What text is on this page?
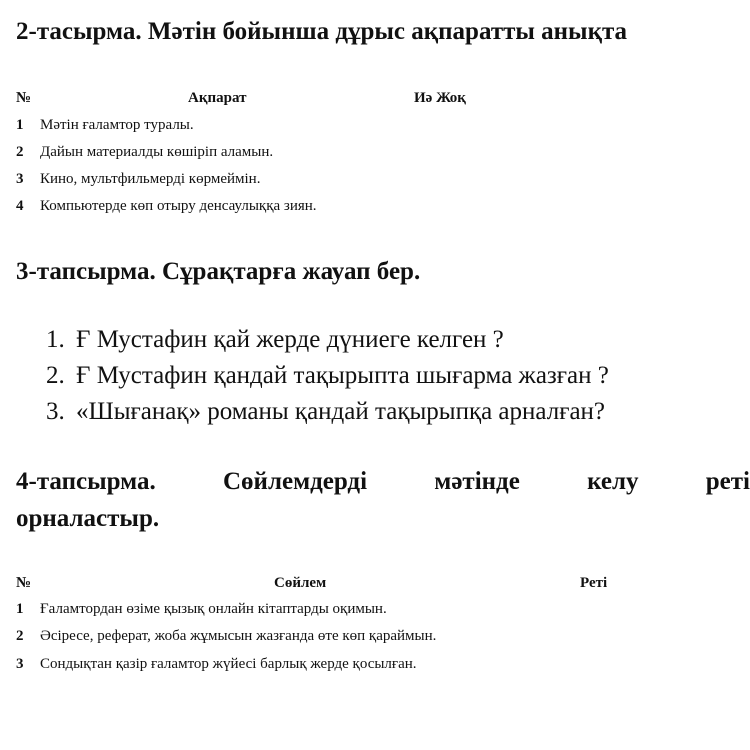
2-тасырма. Мәтін бойынша дұрыс ақпаратты анықта
№	Ақпарат	Иә Жоқ
1 Мәтін ғаламтор туралы.
2 Дайын материалды көшіріп аламын.
3 Кино, мультфильмерді көрмеймін.
4 Компьютерде көп отыру денсаулыққа зиян.
3-тапсырма. Сұрақтарға жауап бер.
1. Ғ Мустафин қай жерде дүниеге келген ?
2. Ғ Мустафин қандай тақырыпта шығарма жазған ?
3. «Шығанақ» романы қандай тақырыпқа арналған?
4-тапсырма.	Сөйлемдерді	мәтінде	келу	реті
орналастыр.
№	Сөйлем	Реті
1 Ғаламтордан өзіме қызық онлайн кітаптарды оқимын.
2 Әсіресе, реферат, жоба жұмысын жазғанда өте көп қараймын.
3 Сондықтан қазір ғаламтор жүйесі барлық жерде қосылған.
